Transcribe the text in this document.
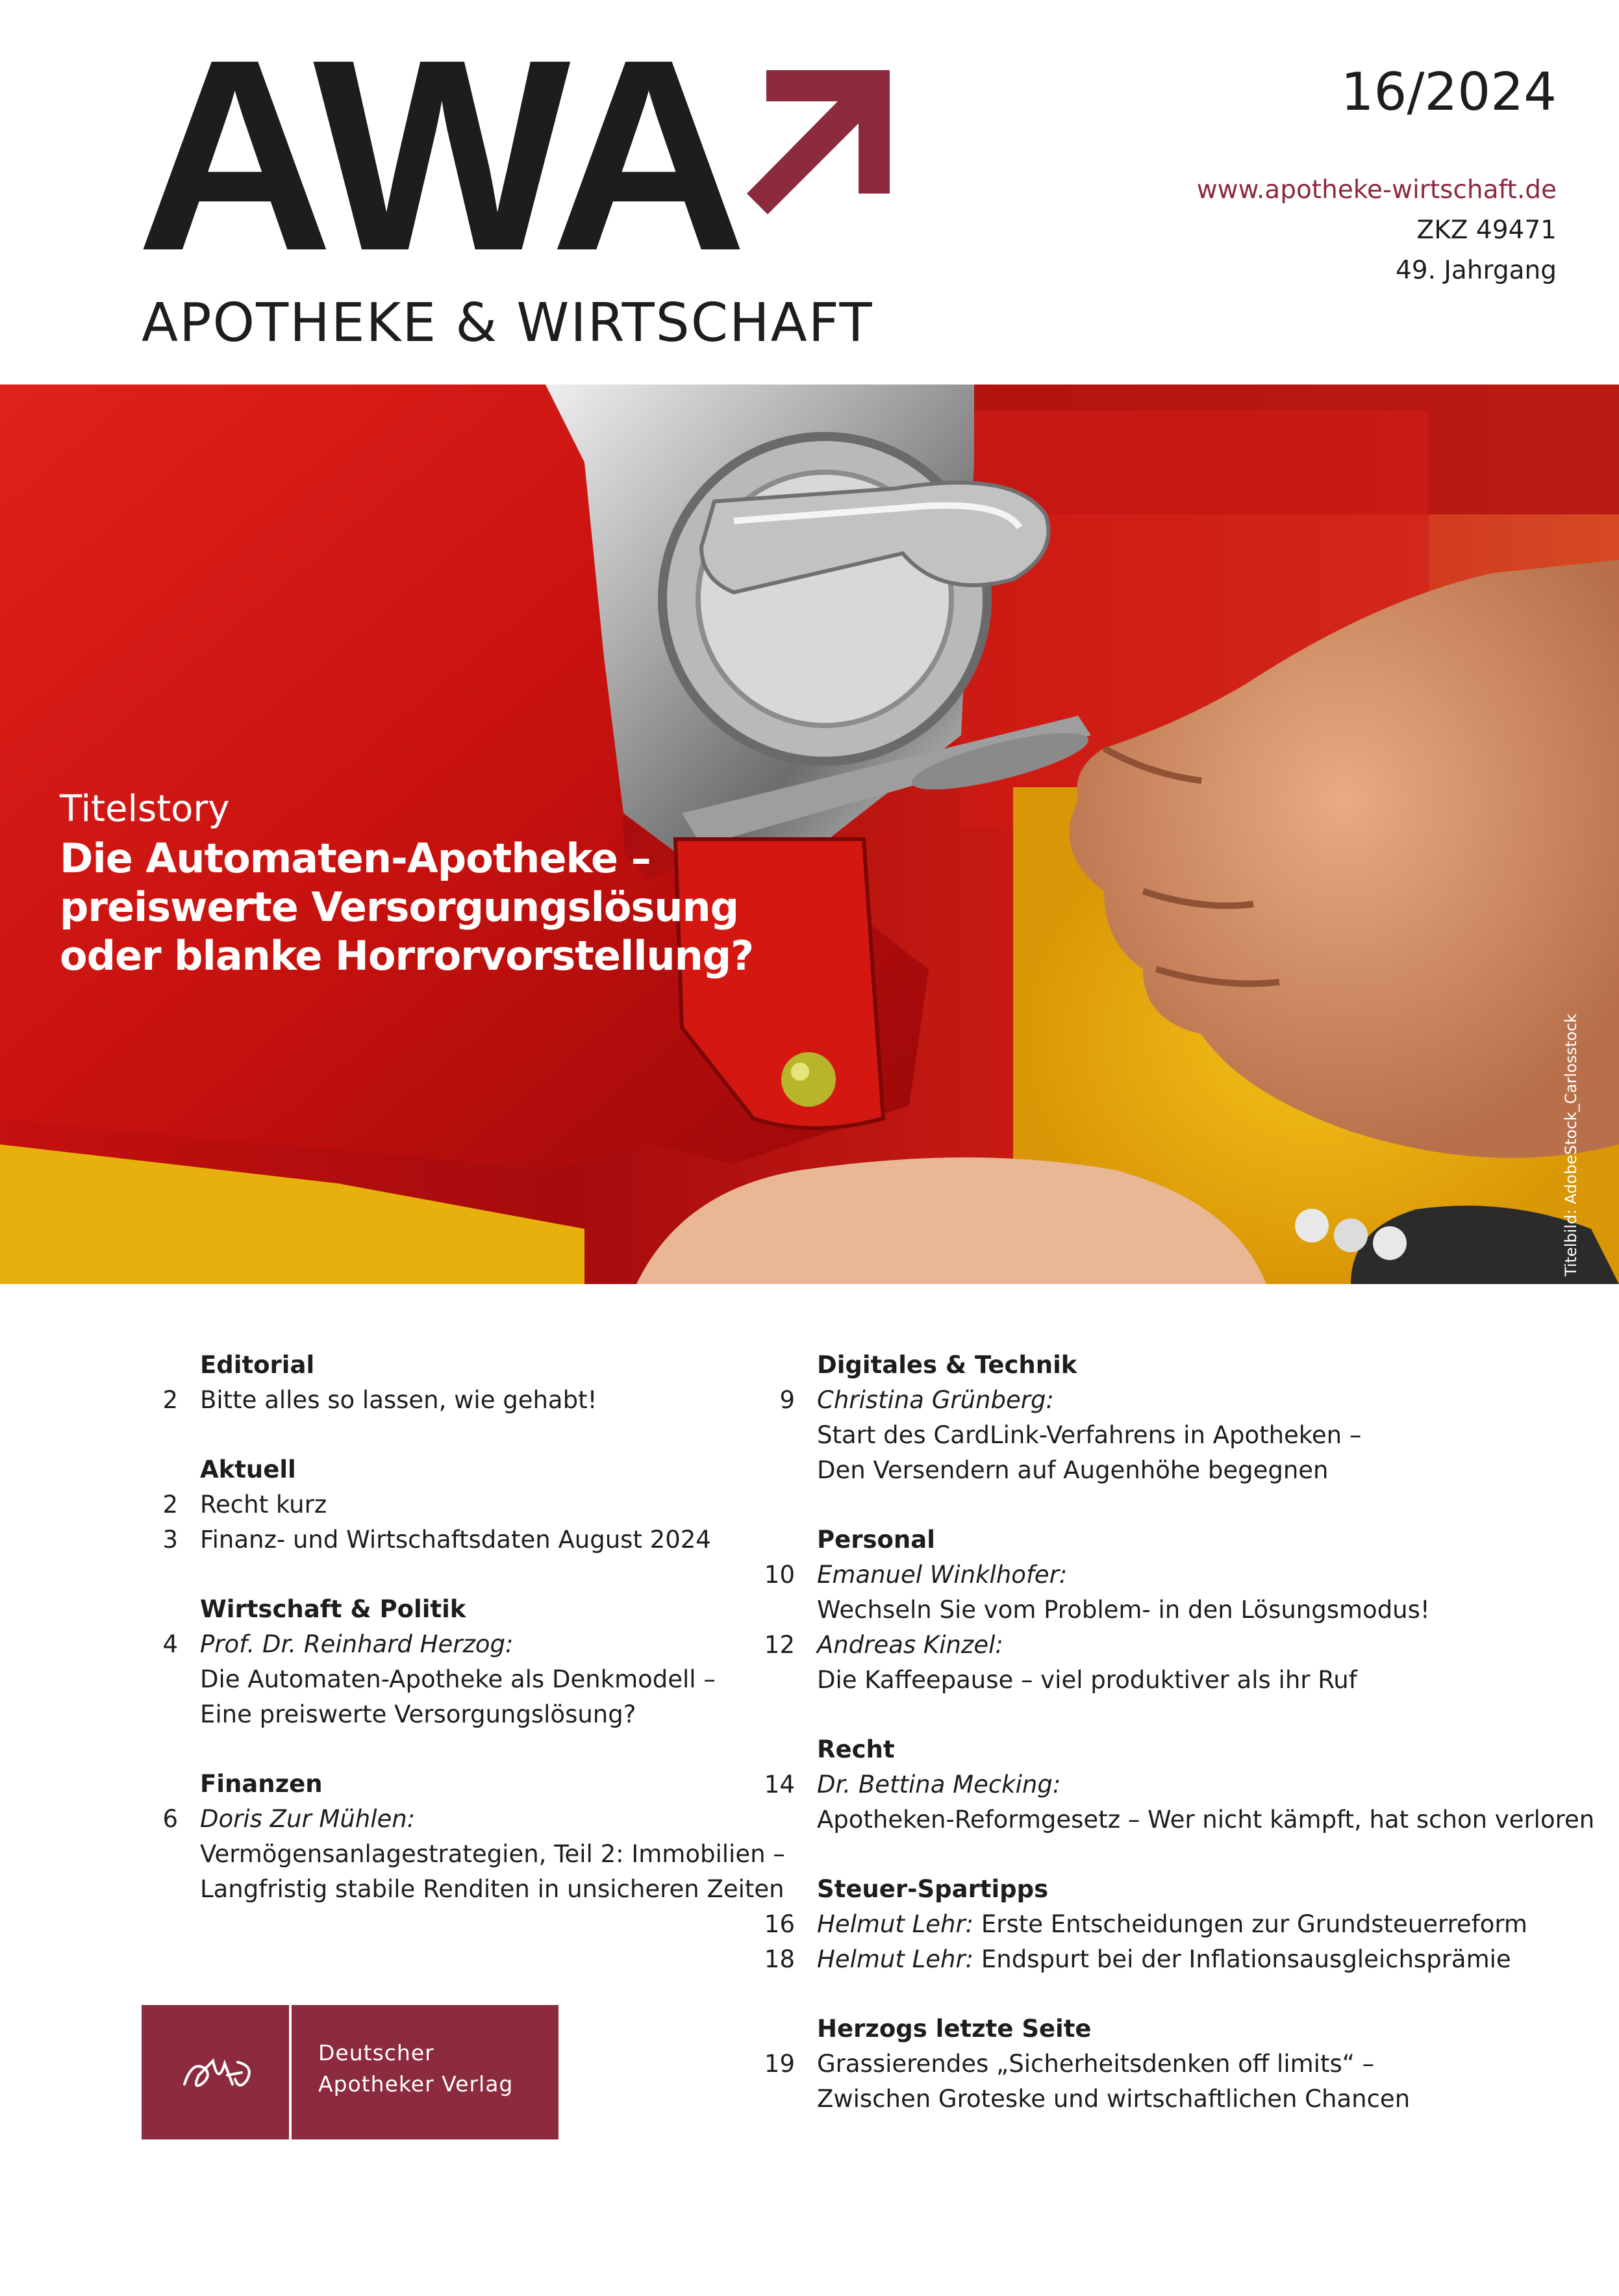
AWA
APOTHEKE & WIRTSCHAFT
16/2024
www.apotheke-wirtschaft.de
ZKZ 49471
49. Jahrgang
Titelstory
Die Automaten-Apotheke –
preiswerte Versorgungslösung
oder blanke Horrorvorstellung?
Titelbild: AdobeStock_Carlosstock
Editorial
2 Bitte alles so lassen, wie gehabt!
Aktuell
2 Recht kurz
3 Finanz- und Wirtschaftsdaten August 2024
Wirtschaft & Politik
4 Prof. Dr. Reinhard Herzog:
Die Automaten-Apotheke als Denkmodell –
Eine preiswerte Versorgungslösung?
Finanzen
6 Doris Zur Mühlen:
Vermögensanlagestrategien, Teil 2: Immobilien –
Langfristig stabile Renditen in unsicheren Zeiten
Digitales & Technik
9 Christina Grünberg:
Start des CardLink-Verfahrens in Apotheken –
Den Versendern auf Augenhöhe begegnen
Personal
10 Emanuel Winklhofer:
Wechseln Sie vom Problem- in den Lösungsmodus!
12 Andreas Kinzel:
Die Kaffeepause – viel produktiver als ihr Ruf
Recht
14 Dr. Bettina Mecking:
Apotheken-Reformgesetz – Wer nicht kämpft, hat schon verloren
Steuer-Spartipps
16 Helmut Lehr: Erste Entscheidungen zur Grundsteuerreform
18 Helmut Lehr: Endspurt bei der Inflationsausgleichsprämie
Herzogs letzte Seite
19 Grassierendes „Sicherheitsdenken off limits“ –
Zwischen Groteske und wirtschaftlichen Chancen
Deutscher
Apotheker Verlag
